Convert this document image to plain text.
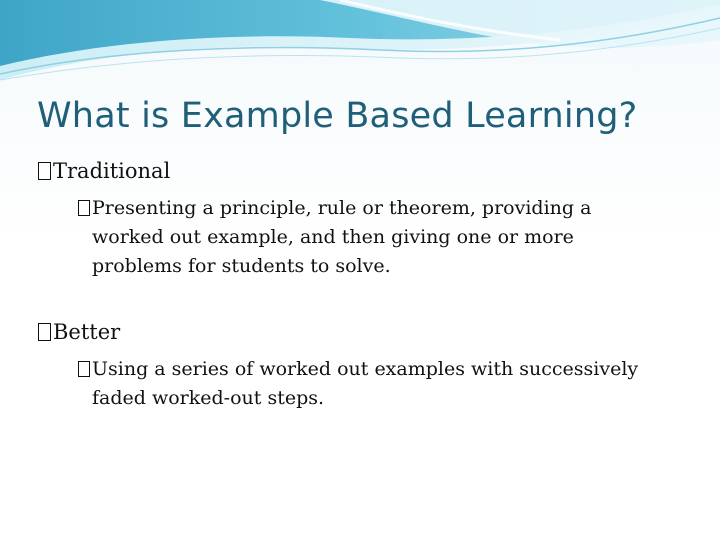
What is Example Based Learning?
Traditional
Presenting a principle, rule or theorem, providing a
worked out example, and then giving one or more
problems for students to solve.
Better
Using a series of worked out examples with successively
faded worked-out steps.
